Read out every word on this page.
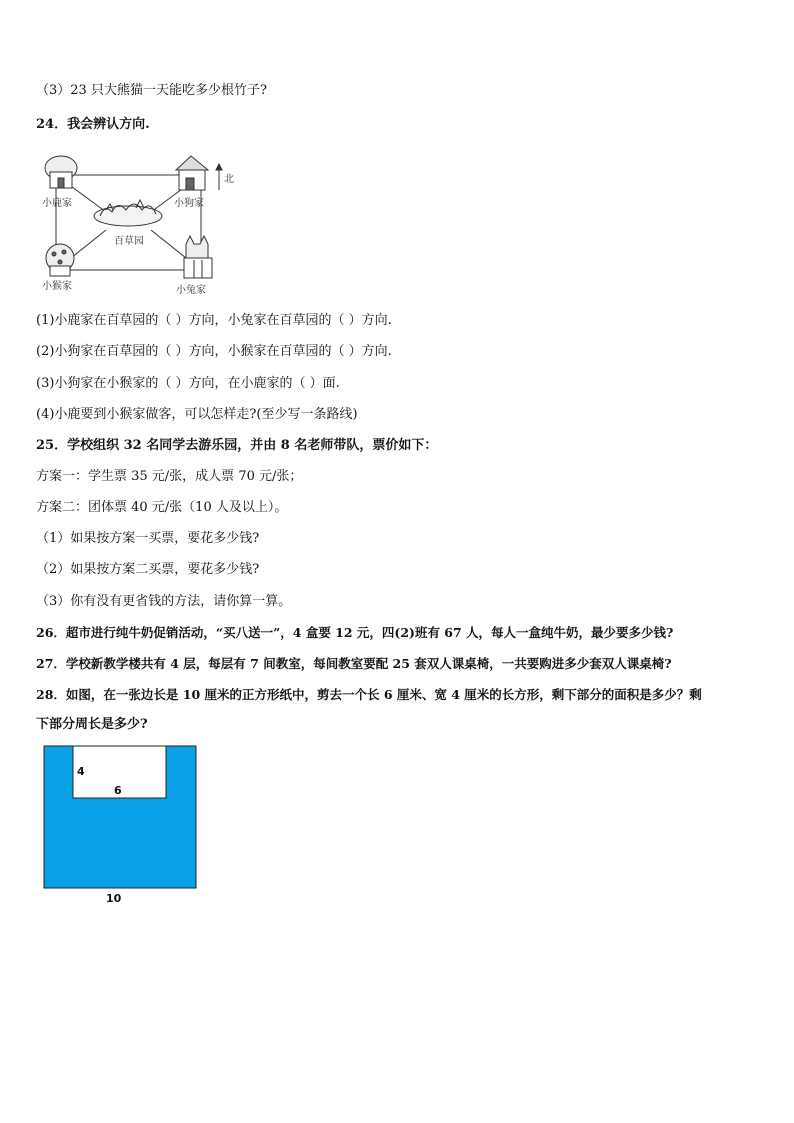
（3）23 只大熊猫一天能吃多少根竹子?
24．我会辨认方向.
小鹿家	小狗家
北
百草园
小猴家	小兔家
(1)小鹿家在百草园的（ ）方向，小兔家在百草园的（ ）方向.
(2)小狗家在百草园的（ ）方向，小猴家在百草园的（ ）方向.
(3)小狗家在小猴家的（ ）方向，在小鹿家的（ ）面.
(4)小鹿要到小猴家做客，可以怎样走?(至少写一条路线)
25．学校组织 32 名同学去游乐园，并由 8 名老师带队，票价如下：
方案一：学生票 35 元/张，成人票 70 元/张；
方案二：团体票 40 元/张（10 人及以上）。
（1）如果按方案一买票，要花多少钱?
（2）如果按方案二买票，要花多少钱?
（3）你有没有更省钱的方法，请你算一算。
26．超市进行纯牛奶促销活动，“买八送一”，4 盒要 12 元，四(2)班有 67 人，每人一盒纯牛奶，最少要多少钱?
27．学校新教学楼共有 4 层，每层有 7 间教室，每间教室要配 25 套双人课桌椅，一共要购进多少套双人课桌椅?
28．如图，在一张边长是 10 厘米的正方形纸中，剪去一个长 6 厘米、宽 4 厘米的长方形，剩下部分的面积是多少？剩
下部分周长是多少?
4
6
10
